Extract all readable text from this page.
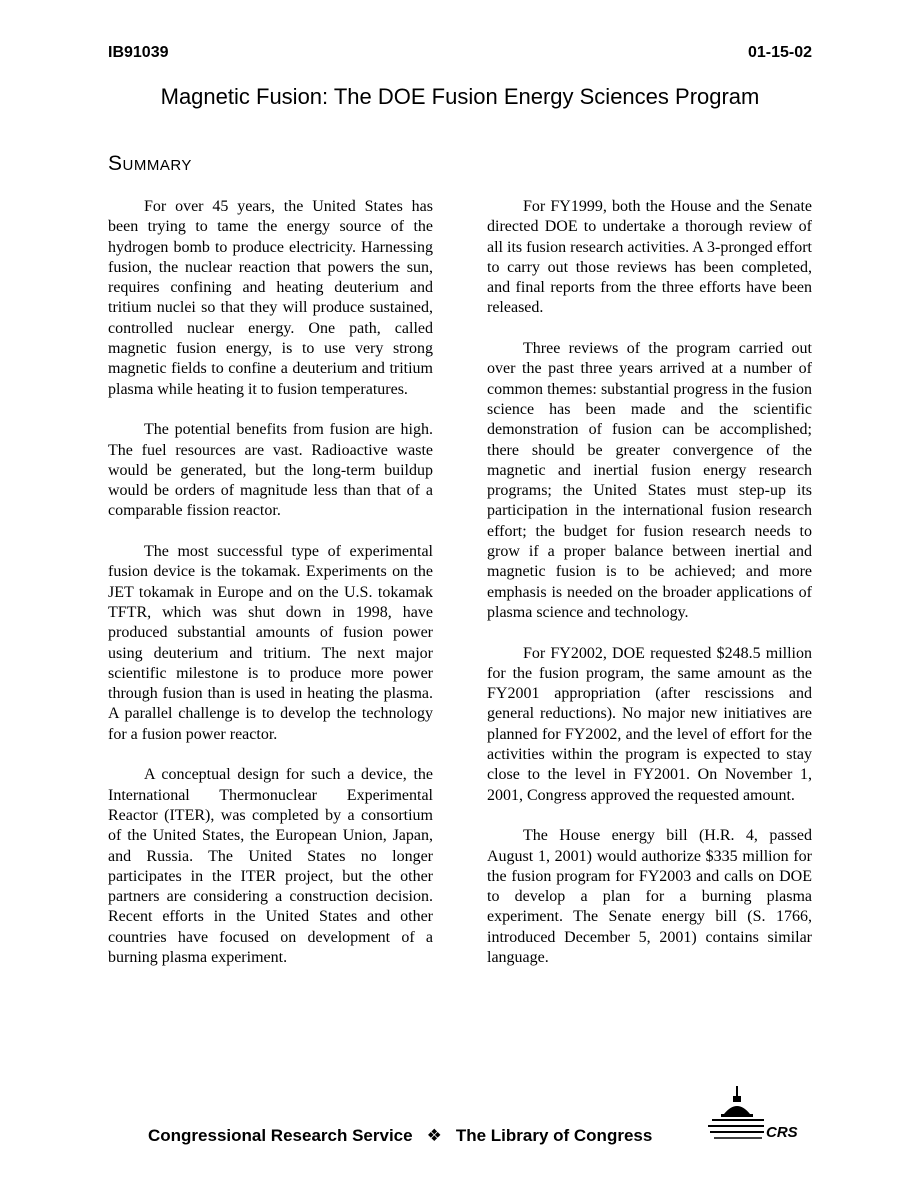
IB91039	01-15-02
Magnetic Fusion: The DOE Fusion Energy Sciences Program
Summary

For over 45 years, the United States has been trying to tame the energy source of the hydrogen bomb to produce electricity. Harnessing fusion, the nuclear reaction that powers the sun, requires confining and heating deuterium and tritium nuclei so that they will produce sustained, controlled nuclear energy. One path, called magnetic fusion energy, is to use very strong magnetic fields to confine a deuterium and tritium plasma while heating it to fusion temperatures.

The potential benefits from fusion are high. The fuel resources are vast. Radioactive waste would be generated, but the long-term buildup would be orders of magnitude less than that of a comparable fission reactor.

The most successful type of experimental fusion device is the tokamak. Experiments on the JET tokamak in Europe and on the U.S. tokamak TFTR, which was shut down in 1998, have produced substantial amounts of fusion power using deuterium and tritium. The next major scientific milestone is to produce more power through fusion than is used in heating the plasma. A parallel challenge is to develop the technology for a fusion power reactor.

A conceptual design for such a device, the International Thermonuclear Experimental Reactor (ITER), was completed by a consortium of the United States, the European Union, Japan, and Russia. The United States no longer participates in the ITER project, but the other partners are considering a construction decision. Recent efforts in the United States and other countries have focused on development of a burning plasma experiment.

For FY1999, both the House and the Senate directed DOE to undertake a thorough review of all its fusion research activities. A 3-pronged effort to carry out those reviews has been completed, and final reports from the three efforts have been released.

Three reviews of the program carried out over the past three years arrived at a number of common themes: substantial progress in the fusion science has been made and the scientific demonstration of fusion can be accomplished; there should be greater convergence of the magnetic and inertial fusion energy research programs; the United States must step-up its participation in the international fusion research effort; the budget for fusion research needs to grow if a proper balance between inertial and magnetic fusion is to be achieved; and more emphasis is needed on the broader applications of plasma science and technology.

For FY2002, DOE requested $248.5 million for the fusion program, the same amount as the FY2001 appropriation (after rescissions and general reductions). No major new initiatives are planned for FY2002, and the level of effort for the activities within the program is expected to stay close to the level in FY2001. On November 1, 2001, Congress approved the requested amount.

The House energy bill (H.R. 4, passed August 1, 2001) would authorize $335 million for the fusion program for FY2003 and calls on DOE to develop a plan for a burning plasma experiment. The Senate energy bill (S. 1766, introduced December 5, 2001) contains similar language.

Congressional Research Service ❖ The Library of Congress	CRS
